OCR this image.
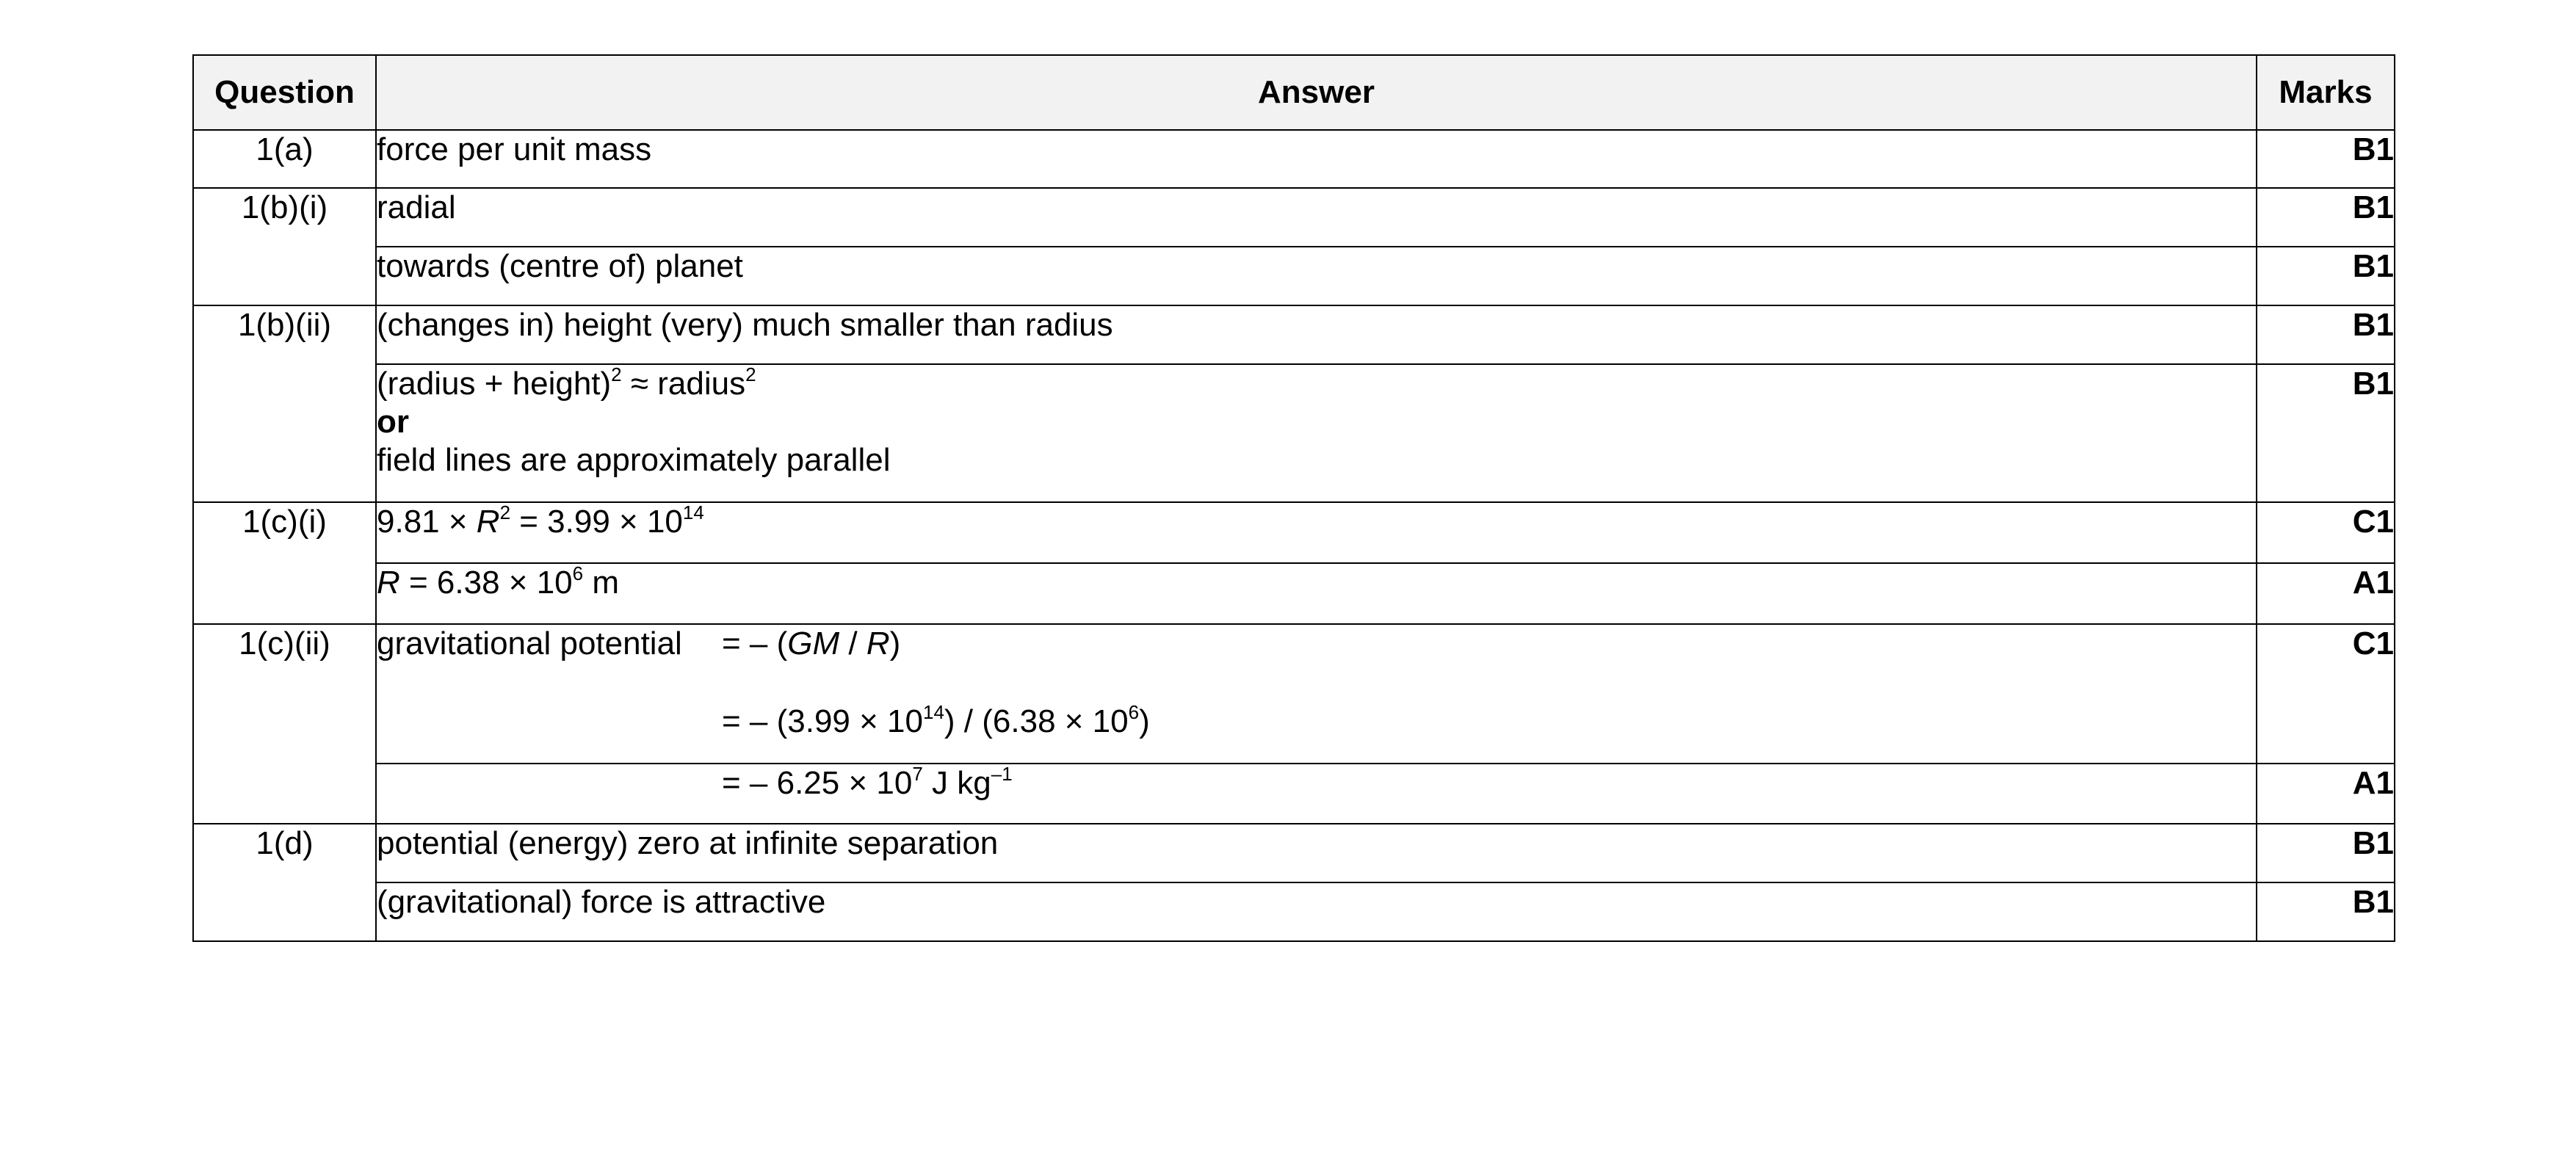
Question	Answer	Marks
1(a)	force per unit mass	B1
1(b)(i)	radial	B1
	towards (centre of) planet	B1
1(b)(ii)	(changes in) height (very) much smaller than radius	B1

	(radius + height)$^2$ ≈ radius$^2$
or
field lines are approximately parallel	B1
1(c)(i)	$9.81 \times R^2 = 3.99 \times 10^{14}$	C1
	$R = 6.38 \times 10^6$ m	A1
1(c)(ii)	gravitational potential = – (GM / R)
= – $(3.99 \times 10^{14}) / (6.38 \times 10^6)$	C1
	= – $6.25 \times 10^7$ J $kg^{-1}$	A1
1(d)	potential (energy) zero at infinite separation	B1
	(gravitational) force is attractive	B1
